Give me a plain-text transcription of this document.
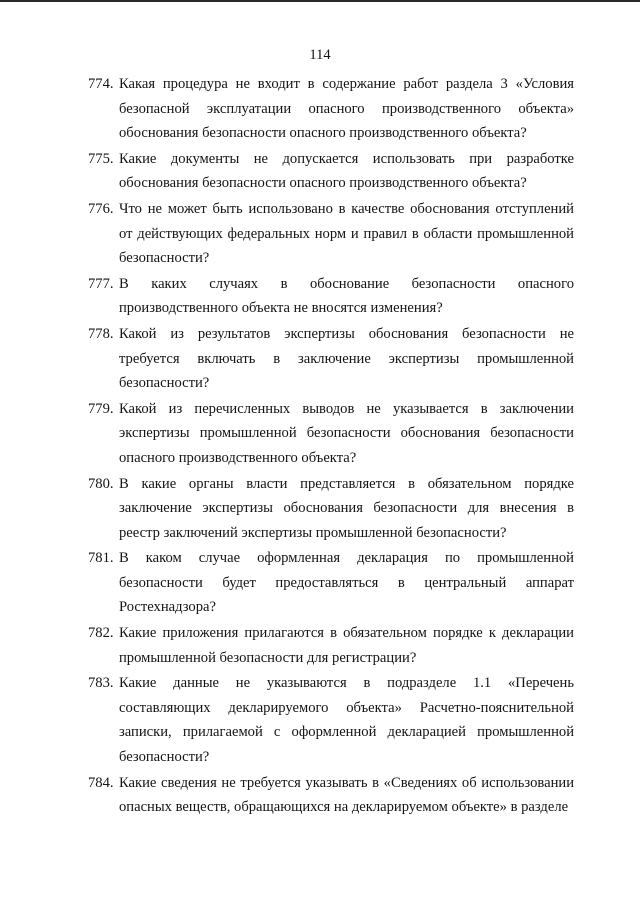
114
774. Какая процедура не входит в содержание работ раздела 3 «Условия безопасной эксплуатации опасного производственного объекта» обоснования безопасности опасного производственного объекта?
775. Какие документы не допускается использовать при разработке обоснования безопасности опасного производственного объекта?
776. Что не может быть использовано в качестве обоснования отступлений от действующих федеральных норм и правил в области промышленной безопасности?
777. В каких случаях в обоснование безопасности опасного производственного объекта не вносятся изменения?
778. Какой из результатов экспертизы обоснования безопасности не требуется включать в заключение экспертизы промышленной безопасности?
779. Какой из перечисленных выводов не указывается в заключении экспертизы промышленной безопасности обоснования безопасности опасного производственного объекта?
780. В какие органы власти представляется в обязательном порядке заключение экспертизы обоснования безопасности для внесения в реестр заключений экспертизы промышленной безопасности?
781. В каком случае оформленная декларация по промышленной безопасности будет предоставляться в центральный аппарат Ростехнадзора?
782. Какие приложения прилагаются в обязательном порядке к декларации промышленной безопасности для регистрации?
783. Какие данные не указываются в подразделе 1.1 «Перечень составляющих декларируемого объекта» Расчетно-пояснительной записки, прилагаемой с оформленной декларацией промышленной безопасности?
784. Какие сведения не требуется указывать в «Сведениях об использовании опасных веществ, обращающихся на декларируемом объекте» в разделе
